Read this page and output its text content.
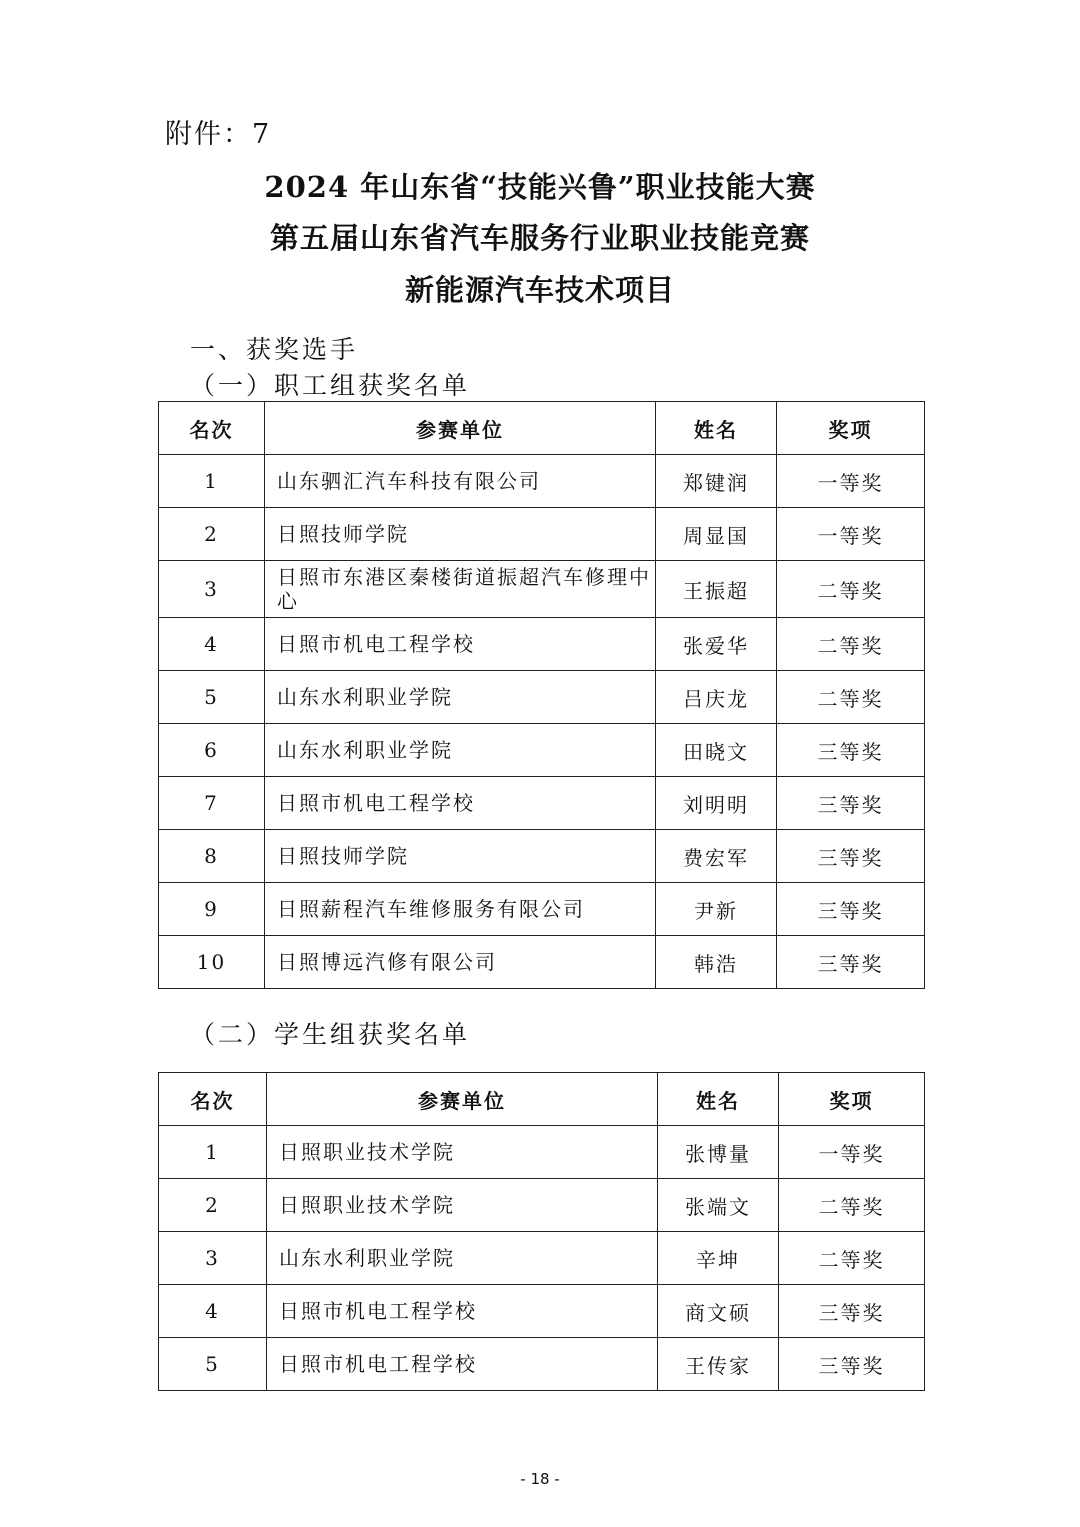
附件：7
2024 年山东省“技能兴鲁”职业技能大赛
第五届山东省汽车服务行业职业技能竞赛
新能源汽车技术项目
一、获奖选手
（一）职工组获奖名单
名次	参赛单位	姓名	奖项
1	山东驷汇汽车科技有限公司	郑键润	一等奖
2	日照技师学院	周显国	一等奖
3	日照市东港区秦楼街道振超汽车修理中心	王振超	二等奖
4	日照市机电工程学校	张爱华	二等奖
5	山东水利职业学院	吕庆龙	二等奖
6	山东水利职业学院	田晓文	三等奖
7	日照市机电工程学校	刘明明	三等奖
8	日照技师学院	费宏军	三等奖
9	日照薪程汽车维修服务有限公司	尹新	三等奖
10	日照博远汽修有限公司	韩浩	三等奖
（二）学生组获奖名单
名次	参赛单位	姓名	奖项
1	日照职业技术学院	张博量	一等奖
2	日照职业技术学院	张端文	二等奖
3	山东水利职业学院	辛坤	二等奖
4	日照市机电工程学校	商文硕	三等奖
5	日照市机电工程学校	王传家	三等奖
- 18 -
